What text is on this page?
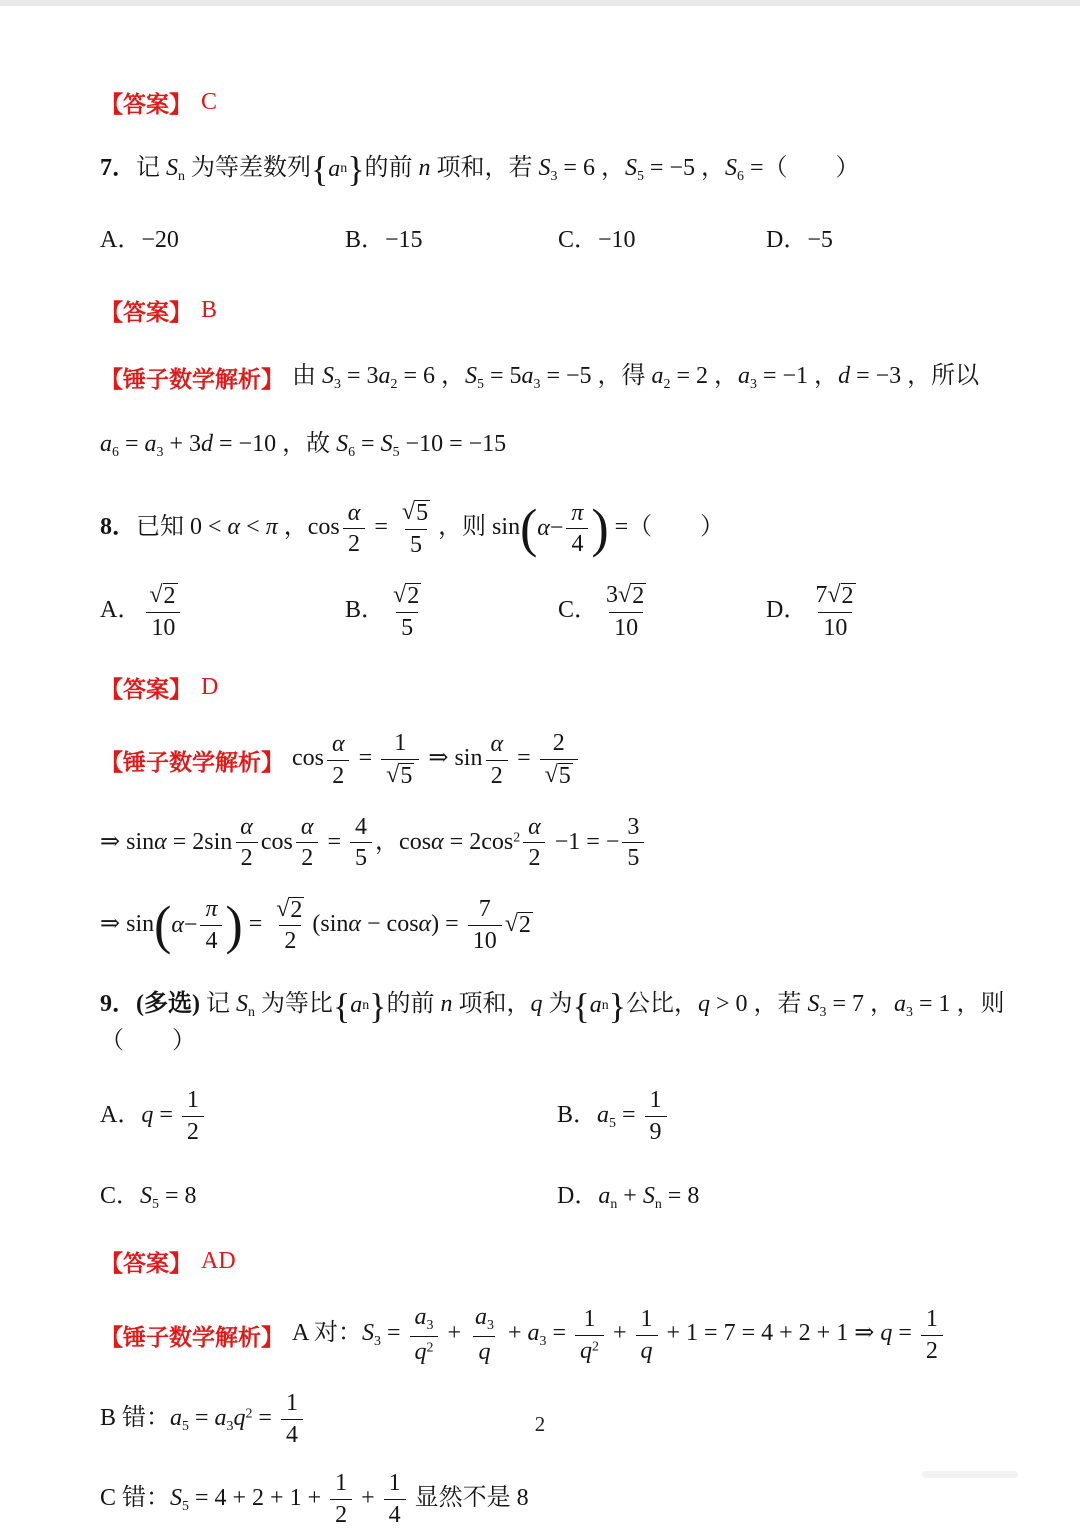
【答案】 C

7．记 $S_n$ 为等差数列 { a n } 的前 n 项和，若 $S_3 = 6$ ，$S_5 = -5$ ，$S_6$ =（　　）

A．−20	B．−15	C．−10	D．−5

【答案】 B

【锤子数学解析】 由 $S_3 = 3a_2 = 6$ ，$S_5 = 5a_3 = -5$ ，得 $a_2 = 2$ ，$a_3 = -1$ ，d = −3 ，所以

$a_6 = a_3 + 3d = -10$ ，故 $S_6 = S_5 -10 = -15$

8．已知 0 < α < π ，$\cos \frac{\alpha}{2} = \frac{√ 5}{5}$ ，则 sin ( $\alpha - \frac{\pi}{4}$ ) =（　　）

A． $\frac{√ 2}{10}$	B． $\frac{√ 2}{5}$	C． $\frac{3 √ 2}{10}$	D． $\frac{7 √ 2}{10}$

【答案】 D

【锤子数学解析】 $\cos \frac{\alpha}{2} = \frac{1}{√ 5}$ ⇒ $\sin \frac{\alpha}{2} = \frac{2}{√ 5}$

⇒ $\sin\alpha = 2\sin \frac{\alpha}{2}$ $\cos \frac{\alpha}{2} = \frac{4}{5}$ ，$\cos\alpha = 2\cos^2 \frac{\alpha}{2} -1$ = − $\frac{3}{5}$

⇒ sin ( $\alpha - \frac{\pi}{4}$ ) = $\frac{√ 2}{2} (\sin\alpha - \cos\alpha) = \frac{7}{10}$ √ 2

9．(多选) 记 $S_n$ 为等比 { a n } 的前 n 项和，q 为 { a n } 公比，q > 0 ，若 $S_3 = 7$ ，$a_3 = 1$ ，则（　　）

A．$q = \frac{1}{2}$	B．$a_5 = \frac{1}{9}$
C．$S_5 = 8$	D．$a_n + S_n = 8$

【答案】 AD

【锤子数学解析】 A 对：$S_3 = \frac{a_3}{q^2} + \frac{a_3}{q} + a_3 = \frac{1}{q^2} + \frac{1}{q} + 1 = 7 = 4 + 2 + 1$ ⇒ $q = \frac{1}{2}$

B 错：$a_5 = a_3q^2 = \frac{1}{4}$

C 错：$S_5 = 4 + 2 + 1 + \frac{1}{2} + \frac{1}{4}$ 显然不是 8

2
